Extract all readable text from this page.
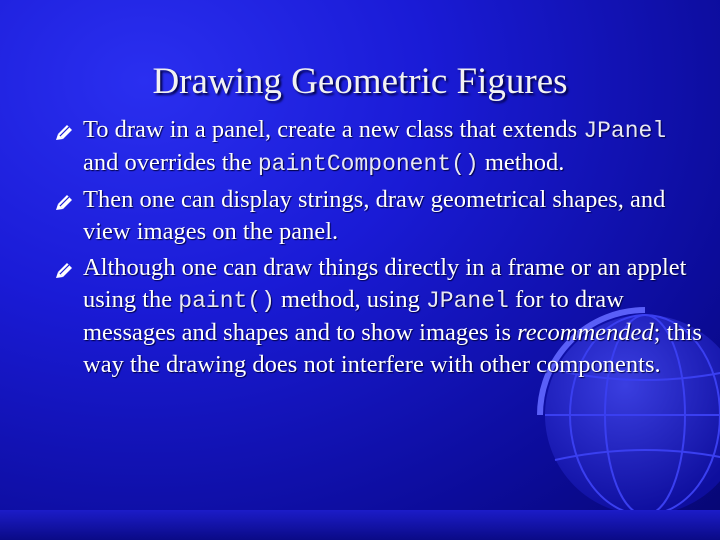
Drawing Geometric Figures
To draw in a panel, create a new class that extends JPanel and overrides the paintComponent() method.
Then one can display strings, draw geometrical shapes, and view images on the panel.
Although one can draw things directly in a frame or an applet using the paint() method, using JPanel for to draw messages and shapes and to show images is recommended; this way the drawing does not interfere with other components.
